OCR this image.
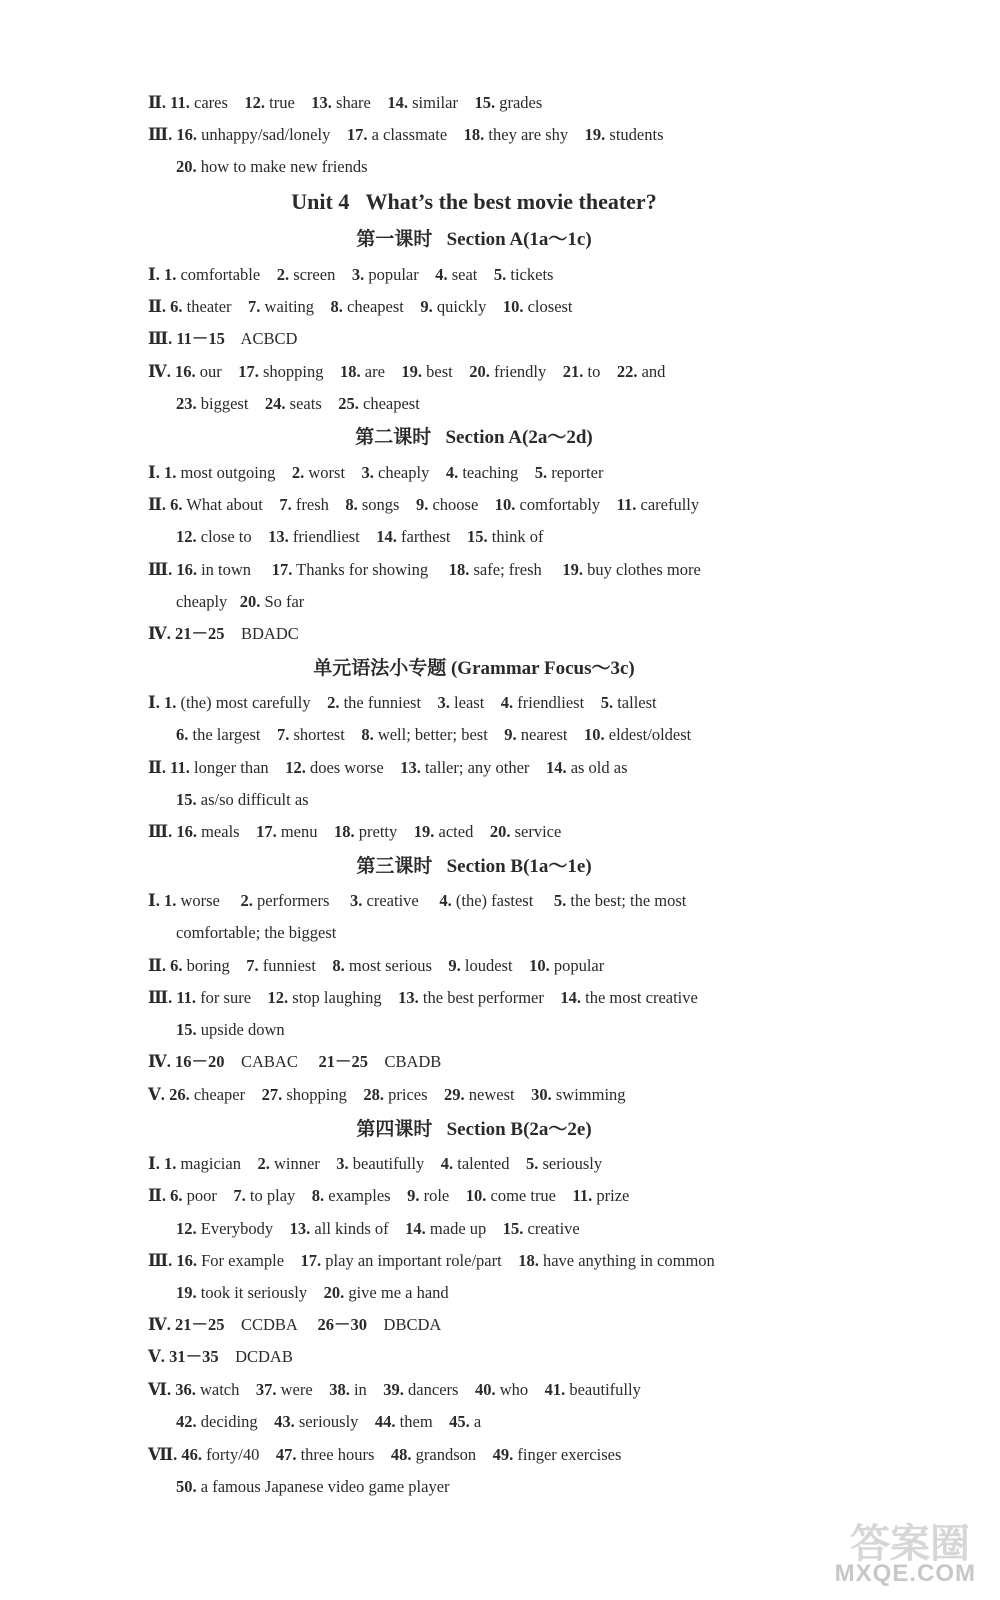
Ⅱ. 11. cares    12. true    13. share    14. similar    15. grades
Ⅲ. 16. unhappy/sad/lonely    17. a classmate    18. they are shy    19. students
20. how to make new friends
Unit 4   What’s the best movie theater?
第一课时   Section A(1a～1c)
Ⅰ. 1. comfortable    2. screen    3. popular    4. seat    5. tickets
Ⅱ. 6. theater    7. waiting    8. cheapest    9. quickly    10. closest
Ⅲ. 11－15    ACBCD
Ⅳ. 16. our    17. shopping    18. are    19. best    20. friendly    21. to    22. and
23. biggest    24. seats    25. cheapest
第二课时   Section A(2a～2d)
Ⅰ. 1. most outgoing    2. worst    3. cheaply    4. teaching    5. reporter
Ⅱ. 6. What about    7. fresh    8. songs    9. choose    10. comfortably    11. carefully
12. close to    13. friendliest    14. farthest    15. think of
Ⅲ. 16. in town     17. Thanks for showing     18. safe; fresh     19. buy clothes more
cheaply   20. So far
Ⅳ. 21－25    BDADC
单元语法小专题 (Grammar Focus～3c)
Ⅰ. 1. (the) most carefully    2. the funniest    3. least    4. friendliest    5. tallest
6. the largest    7. shortest    8. well; better; best    9. nearest    10. eldest/oldest
Ⅱ. 11. longer than    12. does worse    13. taller; any other    14. as old as
15. as/so difficult as
Ⅲ. 16. meals    17. menu    18. pretty    19. acted    20. service
第三课时   Section B(1a～1e)
Ⅰ. 1. worse     2. performers     3. creative     4. (the) fastest     5. the best; the most
comfortable; the biggest
Ⅱ. 6. boring    7. funniest    8. most serious    9. loudest    10. popular
Ⅲ. 11. for sure    12. stop laughing    13. the best performer    14. the most creative
15. upside down
Ⅳ. 16－20    CABAC     21－25    CBADB
Ⅴ. 26. cheaper    27. shopping    28. prices    29. newest    30. swimming
第四课时   Section B(2a～2e)
Ⅰ. 1. magician    2. winner    3. beautifully    4. talented    5. seriously
Ⅱ. 6. poor    7. to play    8. examples    9. role    10. come true    11. prize
12. Everybody    13. all kinds of    14. made up    15. creative
Ⅲ. 16. For example    17. play an important role/part    18. have anything in common
19. took it seriously    20. give me a hand
Ⅳ. 21－25    CCDBA     26－30    DBCDA
Ⅴ. 31－35    DCDAB
Ⅵ. 36. watch    37. were    38. in    39. dancers    40. who    41. beautifully
42. deciding    43. seriously    44. them    45. a
Ⅶ. 46. forty/40    47. three hours    48. grandson    49. finger exercises
50. a famous Japanese video game player
答案圈
MXQE.COM
